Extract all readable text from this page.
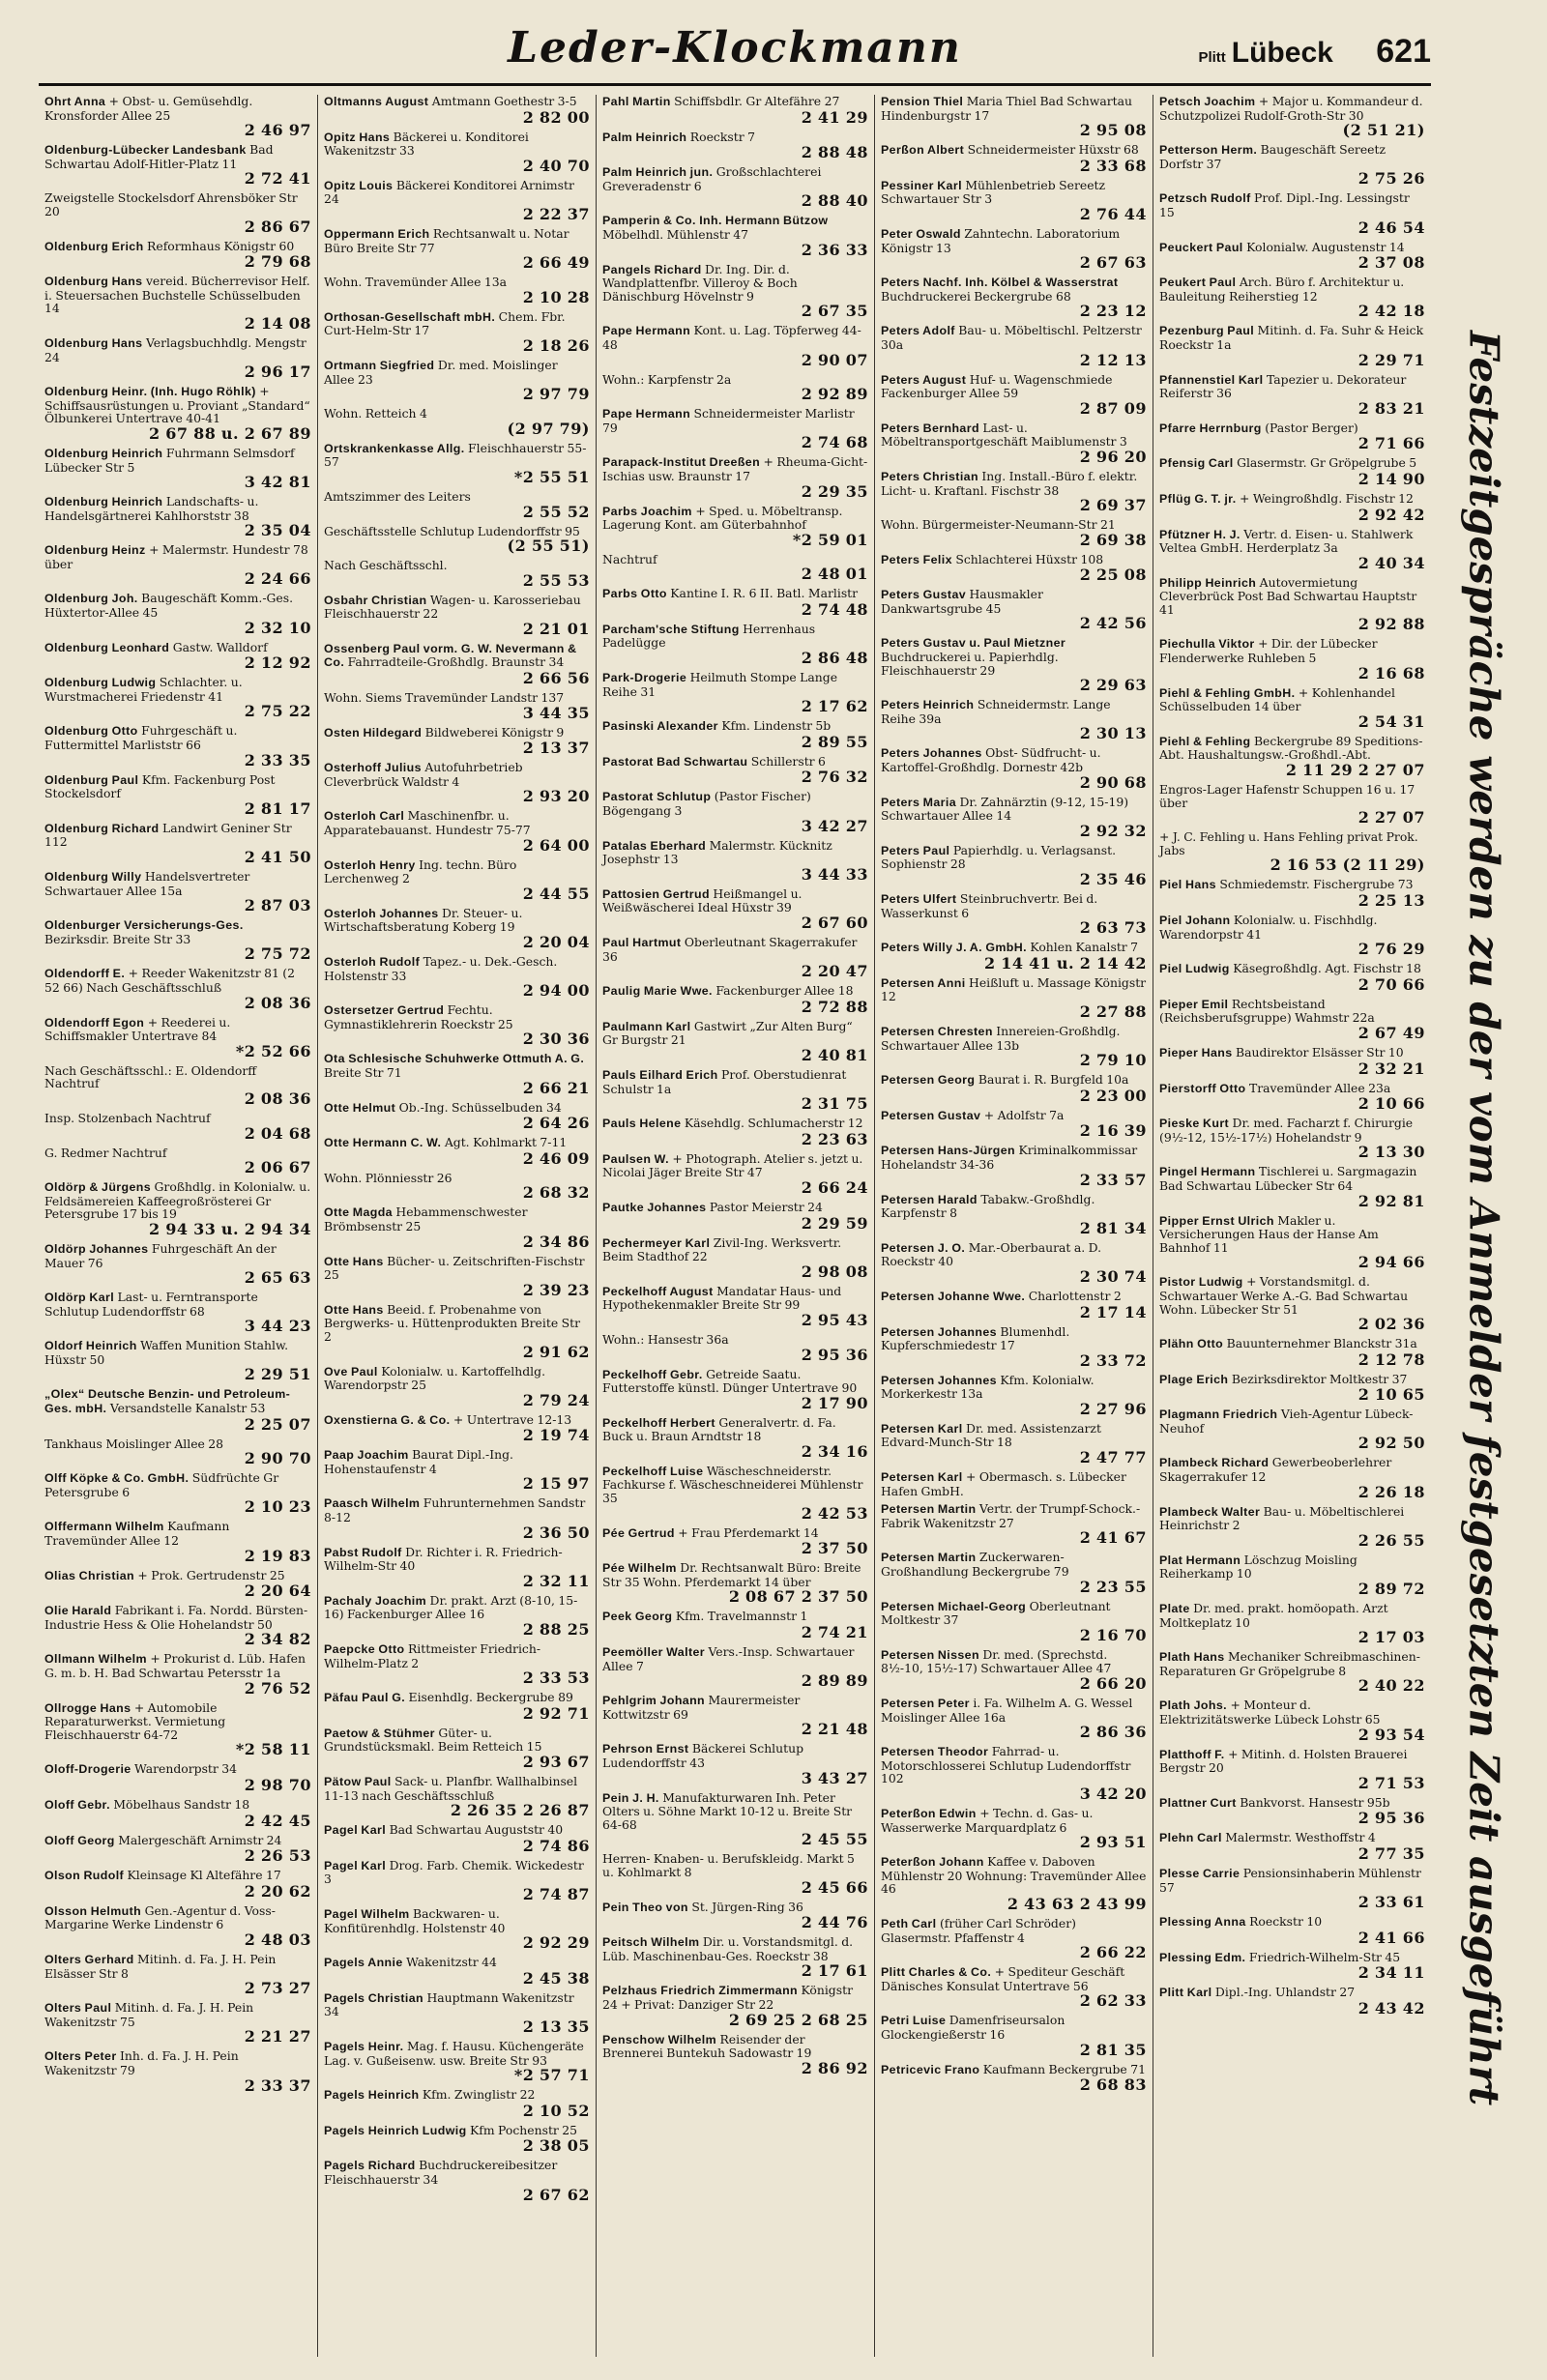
Leder-Klockmann	Plitt Lübeck 621
Ohrt Anna + Obst- u. Gemüsehdlg. Kronsforder Allee 25
2 46 97
Oldenburg-Lübecker Landesbank Bad Schwartau Adolf-Hitler-Platz 11
2 72 41
Zweigstelle Stockelsdorf Ahrensböker Str 20
2 86 67
Oldenburg Erich Reformhaus Königstr 60
2 79 68
Oldenburg Hans vereid. Bücherrevisor Helf. i. Steuersachen Buchstelle Schüsselbuden 14
2 14 08
Oldenburg Hans Verlagsbuchhdlg. Mengstr 24
2 96 17
Oldenburg Heinr. (Inh. Hugo Röhlk) + Schiffsausrüstungen u. Proviant „Standard“ Ölbunkerei Untertrave 40-41
2 67 88 u. 2 67 89
Oldenburg Heinrich Fuhrmann Selmsdorf Lübecker Str 5
3 42 81
Oldenburg Heinrich Landschafts- u. Handelsgärtnerei Kahlhorststr 38
2 35 04
Oldenburg Heinz + Malermstr. Hundestr 78 über
2 24 66
Oldenburg Joh. Baugeschäft Komm.-Ges. Hüxtertor-Allee 45
2 32 10
Oldenburg Leonhard Gastw. Walldorf
2 12 92
Oldenburg Ludwig Schlachter. u. Wurstmacherei Friedenstr 41
2 75 22
Oldenburg Otto Fuhrgeschäft u. Futtermittel Marliststr 66
2 33 35
Oldenburg Paul Kfm. Fackenburg Post Stockelsdorf
2 81 17
Oldenburg Richard Landwirt Geniner Str 112
2 41 50
Oldenburg Willy Handelsvertreter Schwartauer Allee 15a
2 87 03
Oldenburger Versicherungs-Ges. Bezirksdir. Breite Str 33
2 75 72
Oldendorff E. + Reeder Wakenitzstr 81 (2 52 66) Nach Geschäftsschluß
2 08 36
Oldendorff Egon + Reederei u. Schiffsmakler Untertrave 84
*2 52 66
Nach Geschäftsschl.: E. Oldendorff Nachtruf
2 08 36
Insp. Stolzenbach Nachtruf
2 04 68
G. Redmer Nachtruf
2 06 67
Oldörp & Jürgens Großhdlg. in Kolonialw. u. Feldsämereien Kaffeegroßrösterei Gr Petersgrube 17 bis 19
2 94 33 u. 2 94 34
Oldörp Johannes Fuhrgeschäft An der Mauer 76
2 65 63
Oldörp Karl Last- u. Ferntransporte Schlutup Ludendorffstr 68
3 44 23
Oldorf Heinrich Waffen Munition Stahlw. Hüxstr 50
2 29 51
„Olex“ Deutsche Benzin- und Petroleum-Ges. mbH. Versandstelle Kanalstr 53
2 25 07
Tankhaus Moislinger Allee 28
2 90 70
Olff Köpke & Co. GmbH. Südfrüchte Gr Petersgrube 6
2 10 23
Olffermann Wilhelm Kaufmann Travemünder Allee 12
2 19 83
Olias Christian + Prok. Gertrudenstr 25
2 20 64
Olie Harald Fabrikant i. Fa. Nordd. Bürsten-Industrie Hess & Olie Hohelandstr 50
2 34 82
Ollmann Wilhelm + Prokurist d. Lüb. Hafen G. m. b. H. Bad Schwartau Petersstr 1a
2 76 52
Ollrogge Hans + Automobile Reparaturwerkst. Vermietung Fleischhauerstr 64-72
*2 58 11
Oloff-Drogerie Warendorpstr 34
2 98 70
Oloff Gebr. Möbelhaus Sandstr 18
2 42 45
Oloff Georg Malergeschäft Arnimstr 24
2 26 53
Olson Rudolf Kleinsage Kl Altefähre 17
2 20 62
Olsson Helmuth Gen.-Agentur d. Voss-Margarine Werke Lindenstr 6
2 48 03
Olters Gerhard Mitinh. d. Fa. J. H. Pein Elsässer Str 8
2 73 27
Olters Paul Mitinh. d. Fa. J. H. Pein Wakenitzstr 75
2 21 27
Olters Peter Inh. d. Fa. J. H. Pein Wakenitzstr 79
2 33 37
Oltmanns August Amtmann Goethestr 3-5
2 82 00
Opitz Hans Bäckerei u. Konditorei Wakenitzstr 33
2 40 70
Opitz Louis Bäckerei Konditorei Arnimstr 24
2 22 37
Oppermann Erich Rechtsanwalt u. Notar Büro Breite Str 77
2 66 49
Wohn. Travemünder Allee 13a
2 10 28
Orthosan-Gesellschaft mbH. Chem. Fbr. Curt-Helm-Str 17
2 18 26
Ortmann Siegfried Dr. med. Moislinger Allee 23
2 97 79
Wohn. Retteich 4
(2 97 79)
Ortskrankenkasse Allg. Fleischhauerstr 55-57
*2 55 51
Amtszimmer des Leiters
2 55 52
Geschäftsstelle Schlutup Ludendorffstr 95
(2 55 51)
Nach Geschäftsschl.
2 55 53
Osbahr Christian Wagen- u. Karosseriebau Fleischhauerstr 22
2 21 01
Ossenberg Paul vorm. G. W. Nevermann & Co. Fahrradteile-Großhdlg. Braunstr 34
2 66 56
Wohn. Siems Travemünder Landstr 137
3 44 35
Osten Hildegard Bildweberei Königstr 9
2 13 37
Osterhoff Julius Autofuhrbetrieb Cleverbrück Waldstr 4
2 93 20
Osterloh Carl Maschinenfbr. u. Apparatebauanst. Hundestr 75-77
2 64 00
Osterloh Henry Ing. techn. Büro Lerchenweg 2
2 44 55
Osterloh Johannes Dr. Steuer- u. Wirtschaftsberatung Koberg 19
2 20 04
Osterloh Rudolf Tapez.- u. Dek.-Gesch. Holstenstr 33
2 94 00
Ostersetzer Gertrud Fechtu. Gymnastiklehrerin Roeckstr 25
2 30 36
Ota Schlesische Schuhwerke Ottmuth A. G. Breite Str 71
2 66 21
Otte Helmut Ob.-Ing. Schüsselbuden 34
2 64 26
Otte Hermann C. W. Agt. Kohlmarkt 7-11
2 46 09
Wohn. Plönniesstr 26
2 68 32
Otte Magda Hebammenschwester Brömbsenstr 25
2 34 86
Otte Hans Bücher- u. Zeitschriften-Fischstr 25
2 39 23
Otte Hans Beeid. f. Probenahme von Bergwerks- u. Hüttenprodukten Breite Str 2
2 91 62
Ove Paul Kolonialw. u. Kartoffelhdlg. Warendorpstr 25
2 79 24
Oxenstierna G. & Co. + Untertrave 12-13
2 19 74
Paap Joachim Baurat Dipl.-Ing. Hohenstaufenstr 4
2 15 97
Paasch Wilhelm Fuhrunternehmen Sandstr 8-12
2 36 50
Pabst Rudolf Dr. Richter i. R. Friedrich-Wilhelm-Str 40
2 32 11
Pachaly Joachim Dr. prakt. Arzt (8-10, 15-16) Fackenburger Allee 16
2 88 25
Paepcke Otto Rittmeister Friedrich-Wilhelm-Platz 2
2 33 53
Päfau Paul G. Eisenhdlg. Beckergrube 89
2 92 71
Paetow & Stühmer Güter- u. Grundstücksmakl. Beim Retteich 15
2 93 67
Pätow Paul Sack- u. Planfbr. Wallhalbinsel 11-13 nach Geschäftsschluß
2 26 35 2 26 87
Pagel Karl Bad Schwartau Auguststr 40
2 74 86
Pagel Karl Drog. Farb. Chemik. Wickedestr 3
2 74 87
Pagel Wilhelm Backwaren- u. Konfitürenhdlg. Holstenstr 40
2 92 29
Pagels Annie Wakenitzstr 44
2 45 38
Pagels Christian Hauptmann Wakenitzstr 34
2 13 35
Pagels Heinr. Mag. f. Hausu. Küchengeräte Lag. v. Gußeisenw. usw. Breite Str 93
*2 57 71
Pagels Heinrich Kfm. Zwinglistr 22
2 10 52
Pagels Heinrich Ludwig Kfm Pochenstr 25
2 38 05
Pagels Richard Buchdruckereibesitzer Fleischhauerstr 34
2 67 62
Pahl Martin Schiffsbdlr. Gr Altefähre 27
2 41 29
Palm Heinrich Roeckstr 7
2 88 48
Palm Heinrich jun. Großschlachterei Greveradenstr 6
2 88 40
Pamperin & Co. Inh. Hermann Bützow Möbelhdl. Mühlenstr 47
2 36 33
Pangels Richard Dr. Ing. Dir. d. Wandplattenfbr. Villeroy & Boch Dänischburg Hövelnstr 9
2 67 35
Pape Hermann Kont. u. Lag. Töpferweg 44-48
2 90 07
Wohn.: Karpfenstr 2a
2 92 89
Pape Hermann Schneidermeister Marlistr 79
2 74 68
Parapack-Institut Dreeßen + Rheuma-Gicht-Ischias usw. Braunstr 17
2 29 35
Parbs Joachim + Sped. u. Möbeltransp. Lagerung Kont. am Güterbahnhof
*2 59 01
Nachtruf
2 48 01
Parbs Otto Kantine I. R. 6 II. Batl. Marlistr
2 74 48
Parcham'sche Stiftung Herrenhaus Padelügge
2 86 48
Park-Drogerie Heilmuth Stompe Lange Reihe 31
2 17 62
Pasinski Alexander Kfm. Lindenstr 5b
2 89 55
Pastorat Bad Schwartau Schillerstr 6
2 76 32
Pastorat Schlutup (Pastor Fischer) Bögengang 3
3 42 27
Patalas Eberhard Malermstr. Kücknitz Josephstr 13
3 44 33
Pattosien Gertrud Heißmangel u. Weißwäscherei Ideal Hüxstr 39
2 67 60
Paul Hartmut Oberleutnant Skagerrakufer 36
2 20 47
Paulig Marie Wwe. Fackenburger Allee 18
2 72 88
Paulmann Karl Gastwirt „Zur Alten Burg“ Gr Burgstr 21
2 40 81
Pauls Eilhard Erich Prof. Oberstudienrat Schulstr 1a
2 31 75
Pauls Helene Käsehdlg. Schlumacherstr 12
2 23 63
Paulsen W. + Photograph. Atelier s. jetzt u. Nicolai Jäger Breite Str 47
2 66 24
Pautke Johannes Pastor Meierstr 24
2 29 59
Pechermeyer Karl Zivil-Ing. Werksvertr. Beim Stadthof 22
2 98 08
Peckelhoff August Mandatar Haus- und Hypothekenmakler Breite Str 99
2 95 43
Wohn.: Hansestr 36a
2 95 36
Peckelhoff Gebr. Getreide Saatu. Futterstoffe künstl. Dünger Untertrave 90
2 17 90
Peckelhoff Herbert Generalvertr. d. Fa. Buck u. Braun Arndtstr 18
2 34 16
Peckelhoff Luise Wäscheschneiderstr. Fachkurse f. Wäscheschneiderei Mühlenstr 35
2 42 53
Pée Gertrud + Frau Pferdemarkt 14
2 37 50
Pée Wilhelm Dr. Rechtsanwalt Büro: Breite Str 35 Wohn. Pferdemarkt 14 über
2 08 67 2 37 50
Peek Georg Kfm. Travelmannstr 1
2 74 21
Peemöller Walter Vers.-Insp. Schwartauer Allee 7
2 89 89
Pehlgrim Johann Maurermeister Kottwitzstr 69
2 21 48
Pehrson Ernst Bäckerei Schlutup Ludendorffstr 43
3 43 27
Pein J. H. Manufakturwaren Inh. Peter Olters u. Söhne Markt 10-12 u. Breite Str 64-68
2 45 55
Herren- Knaben- u. Berufskleidg. Markt 5 u. Kohlmarkt 8
2 45 66
Pein Theo von St. Jürgen-Ring 36
2 44 76
Peitsch Wilhelm Dir. u. Vorstandsmitgl. d. Lüb. Maschinenbau-Ges. Roeckstr 38
2 17 61
Pelzhaus Friedrich Zimmermann Königstr 24 + Privat: Danziger Str 22
2 69 25 2 68 25
Penschow Wilhelm Reisender der Brennerei Buntekuh Sadowastr 19
2 86 92
Pension Thiel Maria Thiel Bad Schwartau Hindenburgstr 17
2 95 08
Perßon Albert Schneidermeister Hüxstr 68
2 33 68
Pessiner Karl Mühlenbetrieb Sereetz Schwartauer Str 3
2 76 44
Peter Oswald Zahntechn. Laboratorium Königstr 13
2 67 63
Peters Nachf. Inh. Kölbel & Wasserstrat Buchdruckerei Beckergrube 68
2 23 12
Peters Adolf Bau- u. Möbeltischl. Peltzerstr 30a
2 12 13
Peters August Huf- u. Wagenschmiede Fackenburger Allee 59
2 87 09
Peters Bernhard Last- u. Möbeltransportgeschäft Maiblumenstr 3
2 96 20
Peters Christian Ing. Install.-Büro f. elektr. Licht- u. Kraftanl. Fischstr 38
2 69 37
Wohn. Bürgermeister-Neumann-Str 21
2 69 38
Peters Felix Schlachterei Hüxstr 108
2 25 08
Peters Gustav Hausmakler Dankwartsgrube 45
2 42 56
Peters Gustav u. Paul Mietzner Buchdruckerei u. Papierhdlg. Fleischhauerstr 29
2 29 63
Peters Heinrich Schneidermstr. Lange Reihe 39a
2 30 13
Peters Johannes Obst- Südfrucht- u. Kartoffel-Großhdlg. Dornestr 42b
2 90 68
Peters Maria Dr. Zahnärztin (9-12, 15-19) Schwartauer Allee 14
2 92 32
Peters Paul Papierhdlg. u. Verlagsanst. Sophienstr 28
2 35 46
Peters Ulfert Steinbruchvertr. Bei d. Wasserkunst 6
2 63 73
Peters Willy J. A. GmbH. Kohlen Kanalstr 7
2 14 41 u. 2 14 42
Petersen Anni Heißluft u. Massage Königstr 12
2 27 88
Petersen Chresten Innereien-Großhdlg. Schwartauer Allee 13b
2 79 10
Petersen Georg Baurat i. R. Burgfeld 10a
2 23 00
Petersen Gustav + Adolfstr 7a
2 16 39
Petersen Hans-Jürgen Kriminalkommissar Hohelandstr 34-36
2 33 57
Petersen Harald Tabakw.-Großhdlg. Karpfenstr 8
2 81 34
Petersen J. O. Mar.-Oberbaurat a. D. Roeckstr 40
2 30 74
Petersen Johanne Wwe. Charlottenstr 2
2 17 14
Petersen Johannes Blumenhdl. Kupferschmiedestr 17
2 33 72
Petersen Johannes Kfm. Kolonialw. Morkerkestr 13a
2 27 96
Petersen Karl Dr. med. Assistenzarzt Edvard-Munch-Str 18
2 47 77
Petersen Karl + Obermasch. s. Lübecker Hafen GmbH.
Petersen Martin Vertr. der Trumpf-Schock.-Fabrik Wakenitzstr 27
2 41 67
Petersen Martin Zuckerwaren-Großhandlung Beckergrube 79
2 23 55
Petersen Michael-Georg Oberleutnant Moltkestr 37
2 16 70
Petersen Nissen Dr. med. (Sprechstd. 8½-10, 15½-17) Schwartauer Allee 47
2 66 20
Petersen Peter i. Fa. Wilhelm A. G. Wessel Moislinger Allee 16a
2 86 36
Petersen Theodor Fahrrad- u. Motorschlosserei Schlutup Ludendorffstr 102
3 42 20
Peterßon Edwin + Techn. d. Gas- u. Wasserwerke Marquardplatz 6
2 93 51
Peterßon Johann Kaffee v. Daboven Mühlenstr 20 Wohnung: Travemünder Allee 46
2 43 63 2 43 99
Peth Carl (früher Carl Schröder) Glasermstr. Pfaffenstr 4
2 66 22
Plitt Charles & Co. + Spediteur Geschäft Dänisches Konsulat Untertrave 56
2 62 33
Petri Luise Damenfriseursalon Glockengießerstr 16
2 81 35
Petricevic Frano Kaufmann Beckergrube 71
2 68 83
Petsch Joachim + Major u. Kommandeur d. Schutzpolizei Rudolf-Groth-Str 30
(2 51 21)
Petterson Herm. Baugeschäft Sereetz Dorfstr 37
2 75 26
Petzsch Rudolf Prof. Dipl.-Ing. Lessingstr 15
2 46 54
Peuckert Paul Kolonialw. Augustenstr 14
2 37 08
Peukert Paul Arch. Büro f. Architektur u. Bauleitung Reiherstieg 12
2 42 18
Pezenburg Paul Mitinh. d. Fa. Suhr & Heick Roeckstr 1a
2 29 71
Pfannenstiel Karl Tapezier u. Dekorateur Reiferstr 36
2 83 21
Pfarre Herrnburg (Pastor Berger)
2 71 66
Pfensig Carl Glasermstr. Gr Gröpelgrube 5
2 14 90
Pflüg G. T. jr. + Weingroßhdlg. Fischstr 12
2 92 42
Pfützner H. J. Vertr. d. Eisen- u. Stahlwerk Veltea GmbH. Herderplatz 3a
2 40 34
Philipp Heinrich Autovermietung Cleverbrück Post Bad Schwartau Hauptstr 41
2 92 88
Piechulla Viktor + Dir. der Lübecker Flenderwerke Ruhleben 5
2 16 68
Piehl & Fehling GmbH. + Kohlenhandel Schüsselbuden 14 über
2 54 31
Piehl & Fehling Beckergrube 89 Speditions-Abt. Haushaltungsw.-Großhdl.-Abt.
2 11 29 2 27 07
Engros-Lager Hafenstr Schuppen 16 u. 17 über
2 27 07
+ J. C. Fehling u. Hans Fehling privat Prok. Jabs
2 16 53 (2 11 29)
Piel Hans Schmiedemstr. Fischergrube 73
2 25 13
Piel Johann Kolonialw. u. Fischhdlg. Warendorpstr 41
2 76 29
Piel Ludwig Käsegroßhdlg. Agt. Fischstr 18
2 70 66
Pieper Emil Rechtsbeistand (Reichsberufsgruppe) Wahmstr 22a
2 67 49
Pieper Hans Baudirektor Elsässer Str 10
2 32 21
Pierstorff Otto Travemünder Allee 23a
2 10 66
Pieske Kurt Dr. med. Facharzt f. Chirurgie (9½-12, 15½-17½) Hohelandstr 9
2 13 30
Pingel Hermann Tischlerei u. Sargmagazin Bad Schwartau Lübecker Str 64
2 92 81
Pipper Ernst Ulrich Makler u. Versicherungen Haus der Hanse Am Bahnhof 11
2 94 66
Pistor Ludwig + Vorstandsmitgl. d. Schwartauer Werke A.-G. Bad Schwartau Wohn. Lübecker Str 51
2 02 36
Plähn Otto Bauunternehmer Blanckstr 31a
2 12 78
Plage Erich Bezirksdirektor Moltkestr 37
2 10 65
Plagmann Friedrich Vieh-Agentur Lübeck-Neuhof
2 92 50
Plambeck Richard Gewerbeoberlehrer Skagerrakufer 12
2 26 18
Plambeck Walter Bau- u. Möbeltischlerei Heinrichstr 2
2 26 55
Plat Hermann Löschzug Moisling Reiherkamp 10
2 89 72
Plate Dr. med. prakt. homöopath. Arzt Moltkeplatz 10
2 17 03
Plath Hans Mechaniker Schreibmaschinen-Reparaturen Gr Gröpelgrube 8
2 40 22
Plath Johs. + Monteur d. Elektrizitätswerke Lübeck Lohstr 65
2 93 54
Platthoff F. + Mitinh. d. Holsten Brauerei Bergstr 20
2 71 53
Plattner Curt Bankvorst. Hansestr 95b
2 95 36
Plehn Carl Malermstr. Westhoffstr 4
2 77 35
Plesse Carrie Pensionsinhaberin Mühlenstr 57
2 33 61
Plessing Anna Roeckstr 10
2 41 66
Plessing Edm. Friedrich-Wilhelm-Str 45
2 34 11
Plitt Karl Dipl.-Ing. Uhlandstr 27
2 43 42 Festzeitgespräche werden zu der vom Anmelder festgesetzten Zeit ausgeführt
